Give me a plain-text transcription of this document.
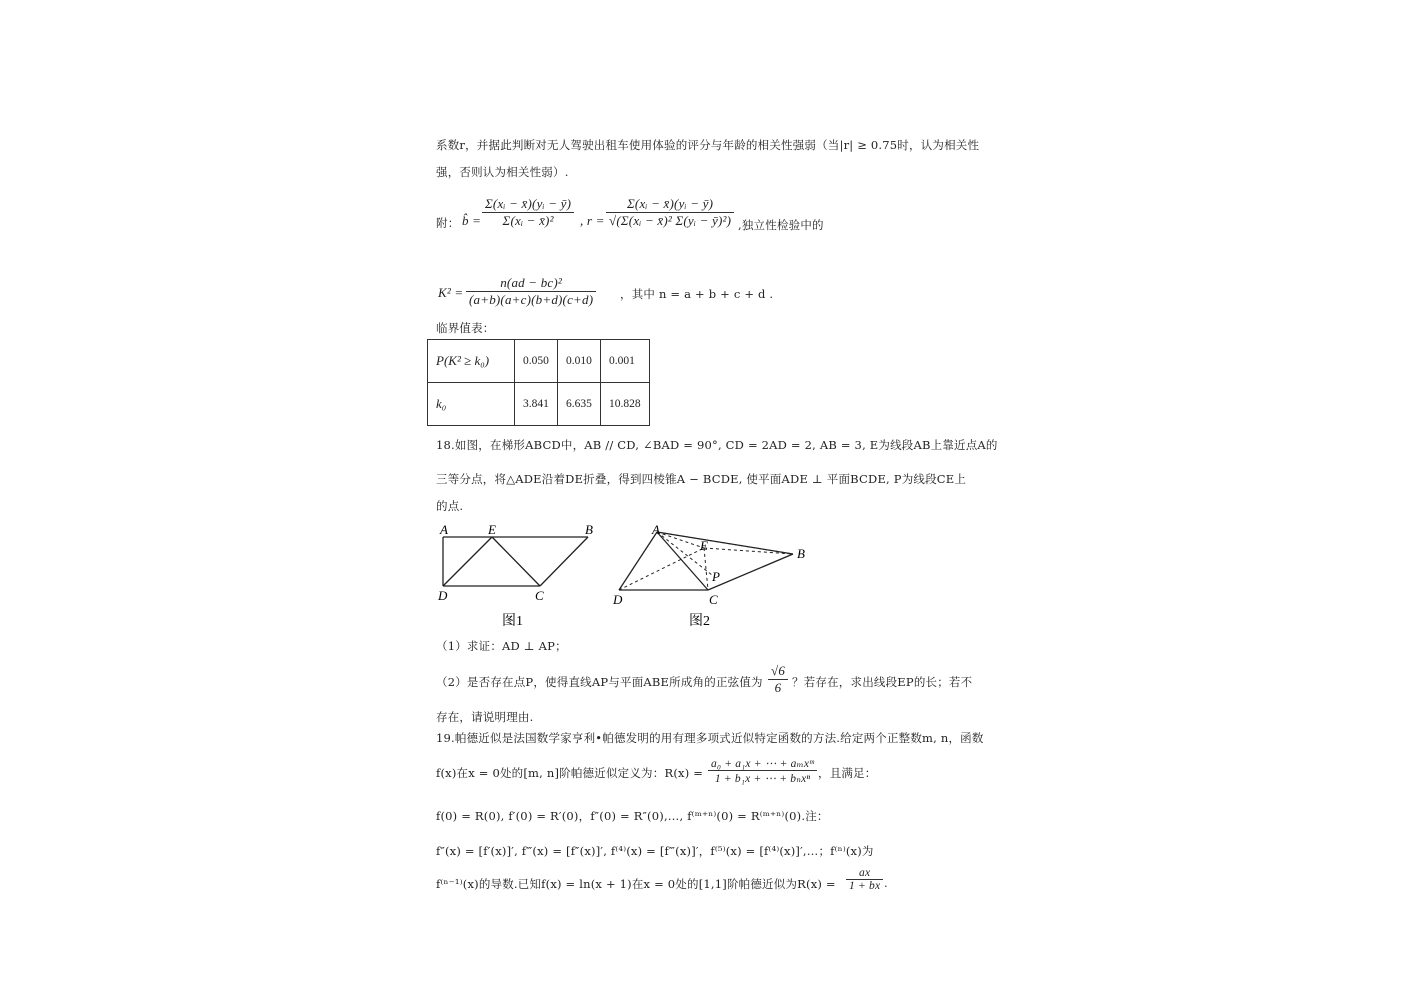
系数r，并据此判断对无人驾驶出租车使用体验的评分与年龄的相关性强弱（当|r| ≥ 0.75时，认为相关性
强，否则认为相关性弱）.
附： b̂ = $\frac{\text{Σ(xᵢ − x̄)(yᵢ − ȳ)}}{\text{Σ(xᵢ − x̄)²}}$ , $r = \frac{\text{Σ(xᵢ − x̄)(yᵢ − ȳ)}}{\text{√(Σ(xᵢ − x̄)² Σ(yᵢ − ȳ)²)}}$ ,独立性检验中的
$K^2 = \frac{\text{n(ad − bc)²}}{(a+b)(a+c)(b+d)(c+d)}$ ，其中 n = a + b + c + d .
临界值表：
P(K² ≥ k₀)	0.050	0.010	0.001
k₀	3.841	6.635	10.828
18.如图，在梯形ABCD中，AB // CD, ∠BAD = 90°, CD = 2AD = 2, AB = 3, E为线段AB上靠近点A的
三等分点，将△ADE沿着DE折叠，得到四棱锥A − BCDE, 使平面ADE ⊥ 平面BCDE, P为线段CE上
的点.
A	E	B
D	C
图1
A
E
B
P
D	C
图2
（1）求证：AD ⊥ AP；
（2）是否存在点P，使得直线AP与平面ABE所成角的正弦值为 $\frac{√6}{6}$ ？若存在，求出线段EP的长；若不
存在，请说明理由.
19.帕德近似是法国数学家亨利•帕德发明的用有理多项式近似特定函数的方法.给定两个正整数m, n，函数
f(x)在x = 0处的[m, n]阶帕德近似定义为：$R(x) = \frac{\text{a₀ + a₁x + ⋯ + aₘxᵐ}}{\text{1 + b₁x + ⋯ + bₙxⁿ}}$ ，且满足：
f(0) = R(0), f′(0) = R′(0)，f″(0) = R″(0),…, f⁽ᵐ⁺ⁿ⁾(0) = R⁽ᵐ⁺ⁿ⁾(0).注：
f″(x) = [f′(x)]′, f‴(x) = [f″(x)]′, f⁽⁴⁾(x) = [f‴(x)]′，f⁽⁵⁾(x) = [f⁽⁴⁾(x)]′,…；f⁽ⁿ⁾(x)为
f⁽ⁿ⁻¹⁾(x)的导数.已知f(x) = ln(x + 1)在x = 0处的[1,1]阶帕德近似为$R(x) = \frac{ax}{1 + bx}$ .
